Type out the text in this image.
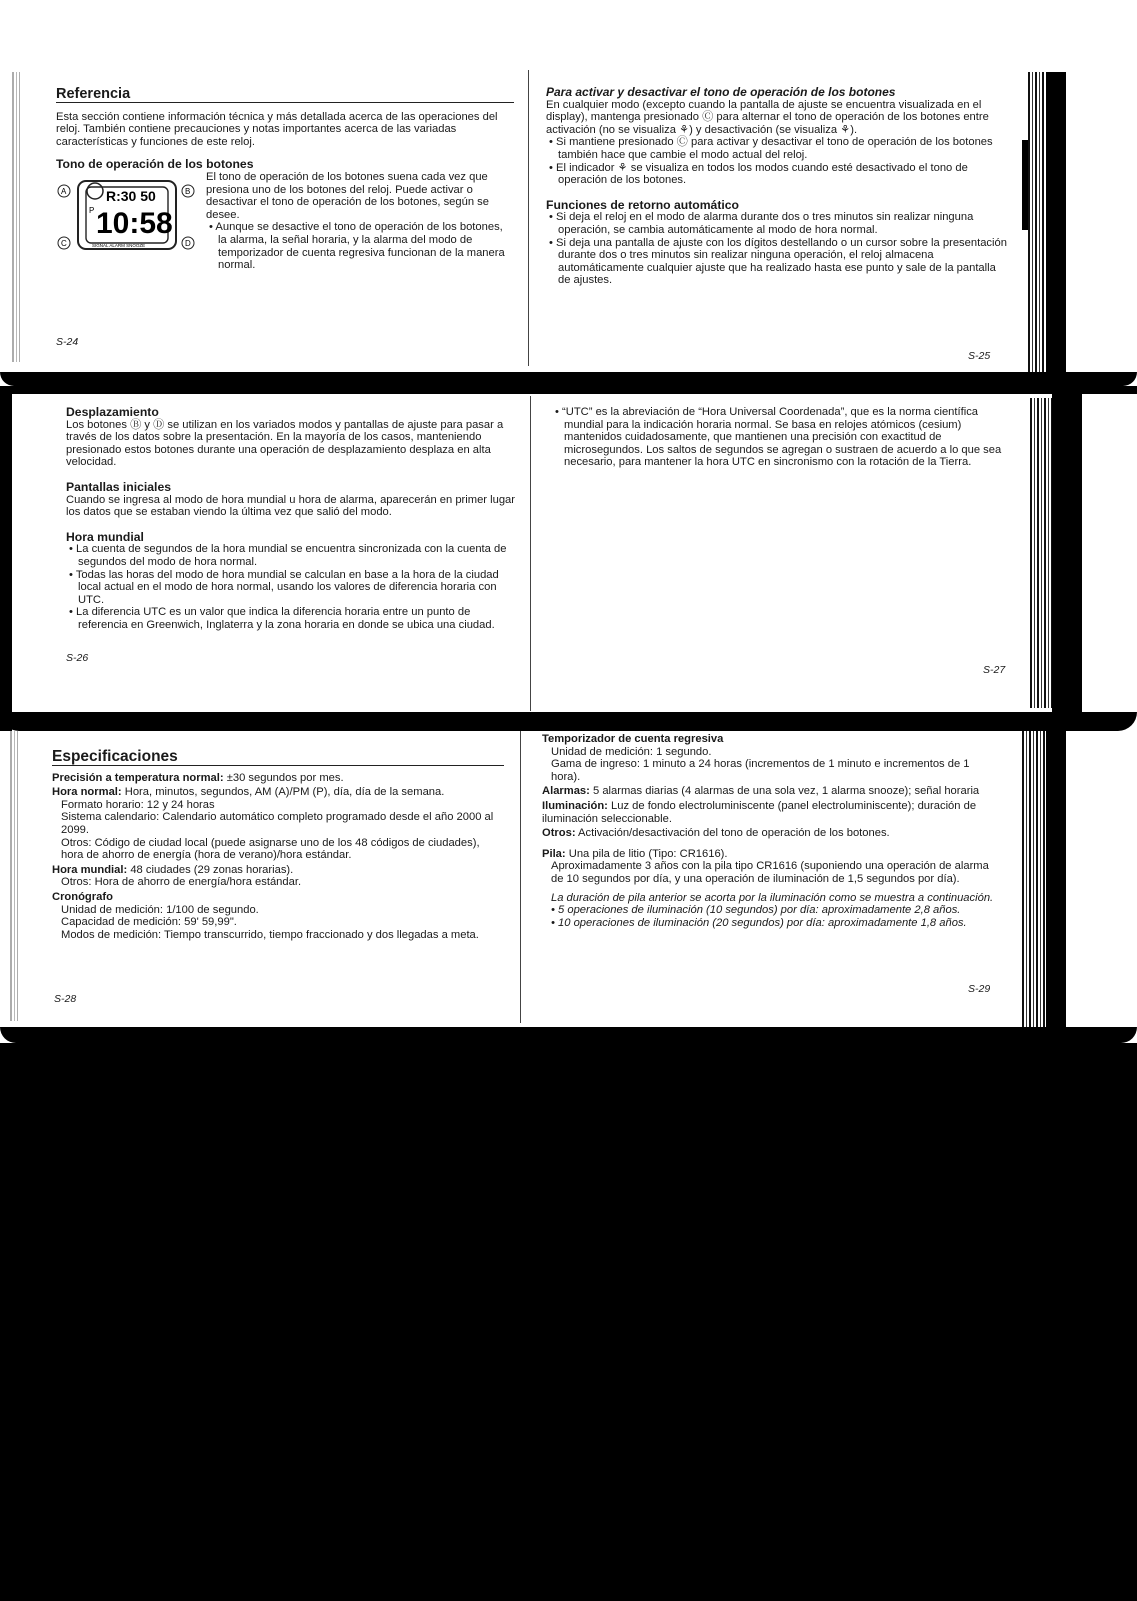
Referencia

Esta sección contiene información técnica y más detallada acerca de las operaciones del reloj. También contiene precauciones y notas importantes acerca de las variadas características y funciones de este reloj.

Tono de operación de los botones

R:30 50
10:58
P
SIGNAL ALARM SNOOZE
A	B
C	D

El tono de operación de los botones suena cada vez que presiona uno de los botones del reloj. Puede activar o desactivar el tono de operación de los botones, según se desee.

• Aunque se desactive el tono de operación de los botones, la alarma, la señal horaria, y la alarma del modo de temporizador de cuenta regresiva funcionan de la manera normal.

S-24

Para activar y desactivar el tono de operación de los botones

En cualquier modo (excepto cuando la pantalla de ajuste se encuentra visualizada en el display), mantenga presionado Ⓒ para alternar el tono de operación de los botones entre activación (no se visualiza ⚘) y desactivación (se visualiza ⚘).

• Si mantiene presionado Ⓒ para activar y desactivar el tono de operación de los botones también hace que cambie el modo actual del reloj.

• El indicador ⚘ se visualiza en todos los modos cuando esté desactivado el tono de operación de los botones.

Funciones de retorno automático

• Si deja el reloj en el modo de alarma durante dos o tres minutos sin realizar ninguna operación, se cambia automáticamente al modo de hora normal.

• Si deja una pantalla de ajuste con los dígitos destellando o un cursor sobre la presentación durante dos o tres minutos sin realizar ninguna operación, el reloj almacena automáticamente cualquier ajuste que ha realizado hasta ese punto y sale de la pantalla de ajustes.

S-25

Desplazamiento

Los botones Ⓑ y Ⓓ se utilizan en los variados modos y pantallas de ajuste para pasar a través de los datos sobre la presentación. En la mayoría de los casos, manteniendo presionado estos botones durante una operación de desplazamiento desplaza en alta velocidad.

Pantallas iniciales

Cuando se ingresa al modo de hora mundial u hora de alarma, aparecerán en primer lugar los datos que se estaban viendo la última vez que salió del modo.

Hora mundial

• La cuenta de segundos de la hora mundial se encuentra sincronizada con la cuenta de segundos del modo de hora normal.

• Todas las horas del modo de hora mundial se calculan en base a la hora de la ciudad local actual en el modo de hora normal, usando los valores de diferencia horaria con UTC.

• La diferencia UTC es un valor que indica la diferencia horaria entre un punto de referencia en Greenwich, Inglaterra y la zona horaria en donde se ubica una ciudad.

S-26

• “UTC” es la abreviación de “Hora Universal Coordenada”, que es la norma científica mundial para la indicación horaria normal. Se basa en relojes atómicos (cesium) mantenidos cuidadosamente, que mantienen una precisión con exactitud de microsegundos. Los saltos de segundos se agregan o sustraen de acuerdo a lo que sea necesario, para mantener la hora UTC en sincronismo con la rotación de la Tierra.

S-27
Especificaciones

Precisión a temperatura normal: ±30 segundos por mes.

Hora normal: Hora, minutos, segundos, AM (A)/PM (P), día, día de la semana.

Formato horario: 12 y 24 horas

Sistema calendario: Calendario automático completo programado desde el año 2000 al 2099.

Otros: Código de ciudad local (puede asignarse uno de los 48 códigos de ciudades), hora de ahorro de energía (hora de verano)/hora estándar.

Hora mundial: 48 ciudades (29 zonas horarias).

Otros: Hora de ahorro de energía/hora estándar.

Cronógrafo

Unidad de medición: 1/100 de segundo.

Capacidad de medición: 59' 59,99".

Modos de medición: Tiempo transcurrido, tiempo fraccionado y dos llegadas a meta.

S-28

Temporizador de cuenta regresiva

Unidad de medición: 1 segundo.

Gama de ingreso: 1 minuto a 24 horas (incrementos de 1 minuto e incrementos de 1 hora).

Alarmas: 5 alarmas diarias (4 alarmas de una sola vez, 1 alarma snooze); señal horaria

Iluminación: Luz de fondo electroluminiscente (panel electroluminiscente); duración de iluminación seleccionable.

Otros: Activación/desactivación del tono de operación de los botones.

Pila: Una pila de litio (Tipo: CR1616).

Aproximadamente 3 años con la pila tipo CR1616 (suponiendo una operación de alarma de 10 segundos por día, y una operación de iluminación de 1,5 segundos por día).

La duración de pila anterior se acorta por la iluminación como se muestra a continuación.

• 5 operaciones de iluminación (10 segundos) por día: aproximadamente 2,8 años.

• 10 operaciones de iluminación (20 segundos) por día: aproximadamente 1,8 años.

S-29
